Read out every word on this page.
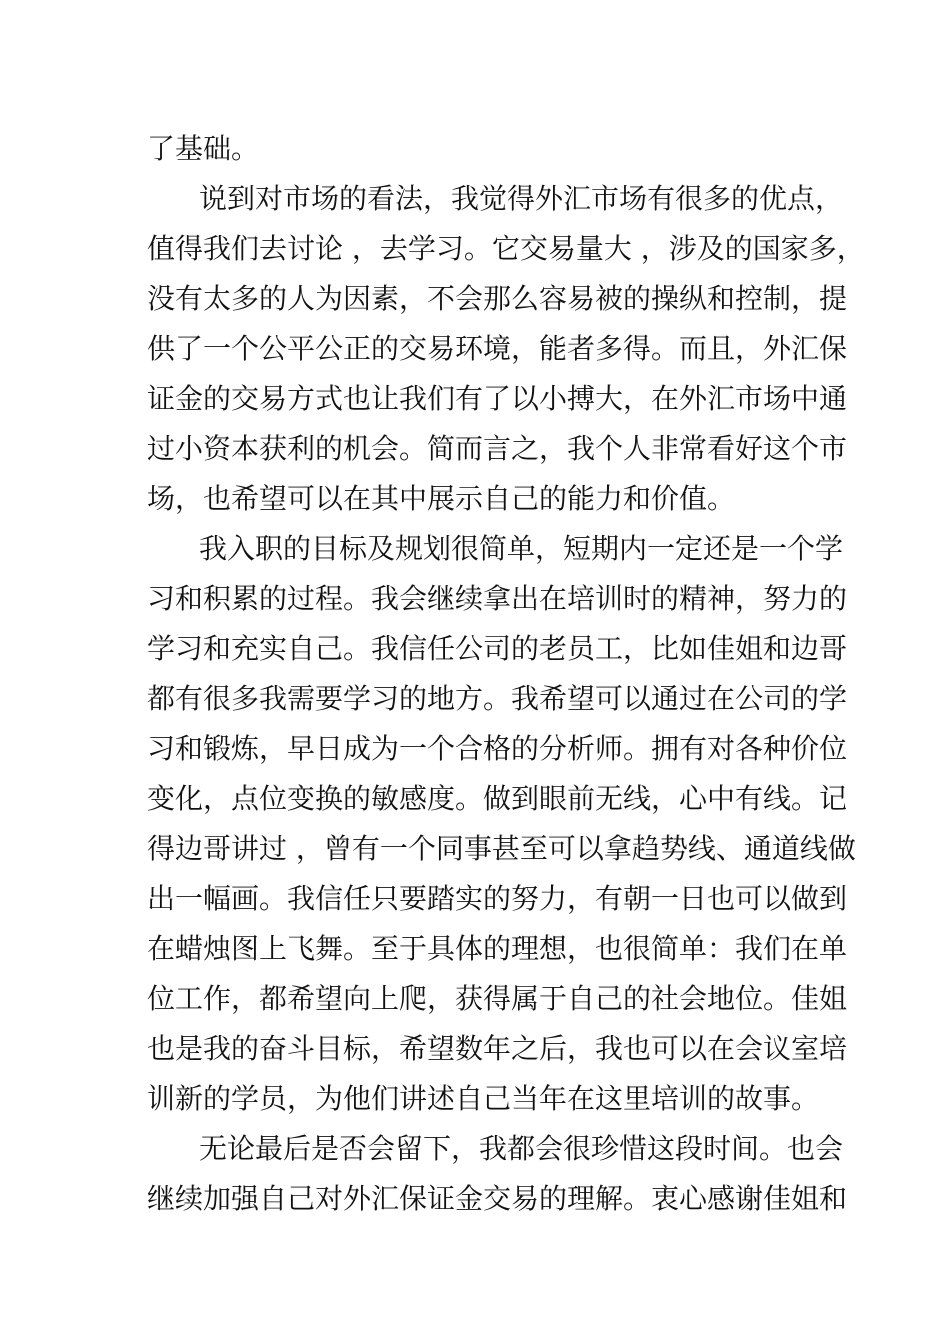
了基础。
说到对市场的看法，我觉得外汇市场有很多的优点，
值得我们去讨论 ，去学习。它交易量大 ，涉及的国家多，
没有太多的人为因素，不会那么容易被的操纵和控制，提
供了一个公平公正的交易环境，能者多得。而且，外汇保
证金的交易方式也让我们有了以小搏大，在外汇市场中通
过小资本获利的机会。简而言之，我个人非常看好这个市
场，也希望可以在其中展示自己的能力和价值。
我入职的目标及规划很简单，短期内一定还是一个学
习和积累的过程。我会继续拿出在培训时的精神，努力的
学习和充实自己。我信任公司的老员工，比如佳姐和边哥
都有很多我需要学习的地方。我希望可以通过在公司的学
习和锻炼，早日成为一个合格的分析师。拥有对各种价位
变化，点位变换的敏感度。做到眼前无线，心中有线。记
得边哥讲过 ，曾有一个同事甚至可以拿趋势线、通道线做
出一幅画。我信任只要踏实的努力，有朝一日也可以做到
在蜡烛图上飞舞。至于具体的理想，也很简单：我们在单
位工作，都希望向上爬，获得属于自己的社会地位。佳姐
也是我的奋斗目标，希望数年之后，我也可以在会议室培
训新的学员，为他们讲述自己当年在这里培训的故事。
无论最后是否会留下，我都会很珍惜这段时间。也会
继续加强自己对外汇保证金交易的理解。衷心感谢佳姐和
